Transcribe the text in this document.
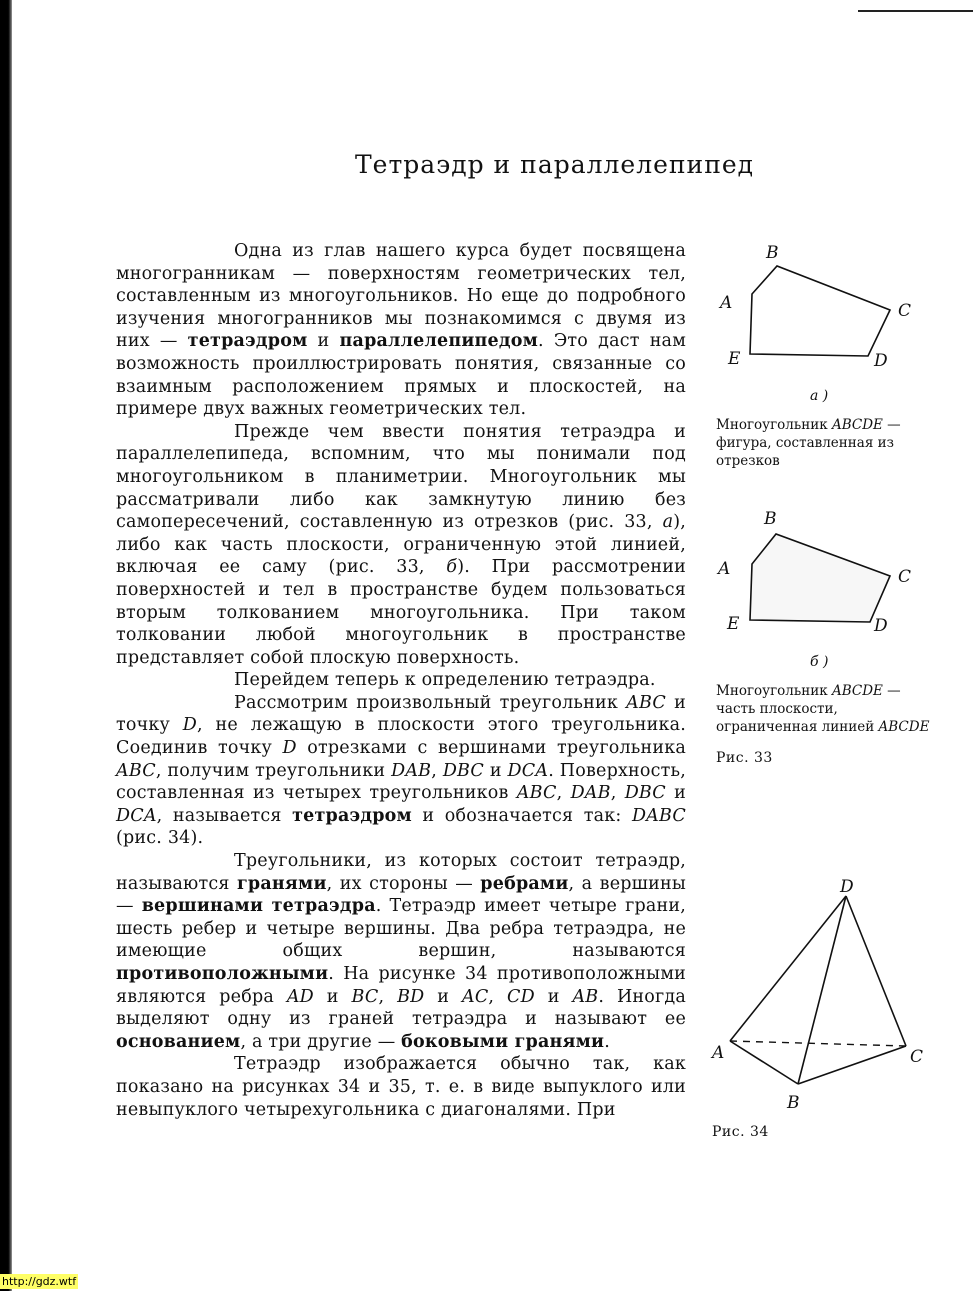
Тетраэдр и параллелепипед

Одна из глав нашего курса будет посвящена многогранникам — поверхностям геометрических тел, составленным из многоугольников. Но еще до подробного изучения многогранников мы познакомимся с двумя из них — тетраэдром и параллелепипедом. Это даст нам возможность проиллюстрировать понятия, связанные со взаимным расположением прямых и плоскостей, на примере двух важных геометрических тел.

Прежде чем ввести понятия тетраэдра и параллелепипеда, вспомним, что мы понимали под многоугольником в планиметрии. Многоугольник мы рассматривали либо как замкнутую линию без самопересечений, составленную из отрезков (рис. 33, а), либо как часть плоскости, ограниченную этой линией, включая ее саму (рис. 33, б). При рассмотрении поверхностей и тел в пространстве будем пользоваться вторым толкованием многоугольника. При таком толковании любой многоугольник в пространстве представляет собой плоскую поверхность.

Перейдем теперь к определению тетраэдра.

Рассмотрим произвольный треугольник ABC и точку D, не лежащую в плоскости этого треугольника. Соединив точку D отрезками с вершинами треугольника ABC, получим треугольники DAB, DBC и DCA. Поверхность, составленная из четырех треугольников ABC, DAB, DBC и DCA, называется тетраэдром и обозначается так: DABC (рис. 34).

Треугольники, из которых состоит тетраэдр, называются гранями, их стороны — ребрами, а вершины — вершинами тетраэдра. Тетраэдр имеет четыре грани, шесть ребер и четыре вершины. Два ребра тетраэдра, не имеющие общих вершин, называются противоположными. На рисунке 34 противоположными являются ребра AD и BC, BD и AC, CD и AB. Иногда выделяют одну из граней тетраэдра и называют ее основанием, а три другие — боковыми гранями.

Тетраэдр изображается обычно так, как показано на рисунках 34 и 35, т. е. в виде выпуклого или невыпуклого четырехугольника с диагоналями. При

A
B
C
D
E
а )
Многоугольник ABCDE — фигура, составленная из отрезков
A
B
C
D
E
б )
Многоугольник ABCDE — часть плоскости, ограниченная линией ABCDE
Рис. 33
A
B
C
D
Рис. 34
http://gdz.wtf
